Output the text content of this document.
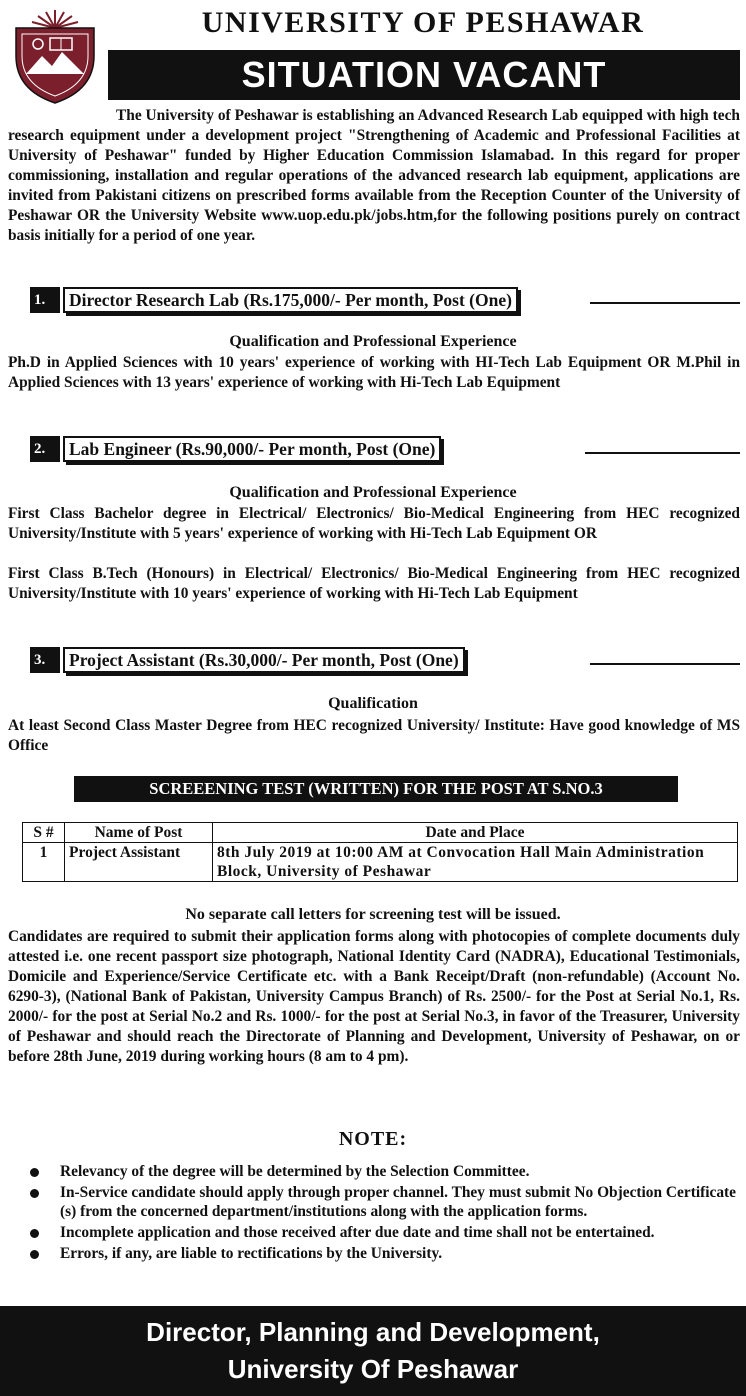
UNIVERSITY OF PESHAWAR
SITUATION VACANT
The University of Peshawar is establishing an Advanced Research Lab equipped with high tech research equipment under a development project "Strengthening of Academic and Professional Facilities at University of Peshawar" funded by Higher Education Commission Islamabad. In this regard for proper commissioning, installation and regular operations of the advanced research lab equipment, applications are invited from Pakistani citizens on prescribed forms available from the Reception Counter of the University of Peshawar OR the University Website www.uop.edu.pk/jobs.htm,for the following positions purely on contract basis initially for a period of one year.
1.	Director Research Lab (Rs.175,000/- Per month, Post (One)
Qualification and Professional Experience
Ph.D in Applied Sciences with 10 years' experience of working with HI-Tech Lab Equipment OR M.Phil in Applied Sciences with 13 years' experience of working with Hi-Tech Lab Equipment
2.	Lab Engineer (Rs.90,000/- Per month, Post (One)
Qualification and Professional Experience
First Class Bachelor degree in Electrical/ Electronics/ Bio-Medical Engineering from HEC recognized University/Institute with 5 years' experience of working with Hi-Tech Lab Equipment OR
First Class B.Tech (Honours) in Electrical/ Electronics/ Bio-Medical Engineering from HEC recognized University/Institute with 10 years' experience of working with Hi-Tech Lab Equipment
3.	Project Assistant (Rs.30,000/- Per month, Post (One)
Qualification
At least Second Class Master Degree from HEC recognized University/ Institute: Have good knowledge of MS Office
SCREEENING TEST (WRITTEN) FOR THE POST AT S.NO.3
S #	Name of Post	Date and Place
1	Project Assistant	8th July 2019 at 10:00 AM at Convocation Hall Main Administration Block, University of Peshawar
No separate call letters for screening test will be issued.
Candidates are required to submit their application forms along with photocopies of complete documents duly attested i.e. one recent passport size photograph, National Identity Card (NADRA), Educational Testimonials, Domicile and Experience/Service Certificate etc. with a Bank Receipt/Draft (non-refundable) (Account No. 6290-3), (National Bank of Pakistan, University Campus Branch) of Rs. 2500/- for the Post at Serial No.1, Rs. 2000/- for the post at Serial No.2 and Rs. 1000/- for the post at Serial No.3, in favor of the Treasurer, University of Peshawar and should reach the Directorate of Planning and Development, University of Peshawar, on or before 28th June, 2019 during working hours (8 am to 4 pm).
NOTE:
Relevancy of the degree will be determined by the Selection Committee.
In-Service candidate should apply through proper channel. They must submit No Objection Certificate (s) from the concerned department/institutions along with the application forms.
Incomplete application and those received after due date and time shall not be entertained.
Errors, if any, are liable to rectifications by the University.
Director, Planning and Development,
University Of Peshawar
